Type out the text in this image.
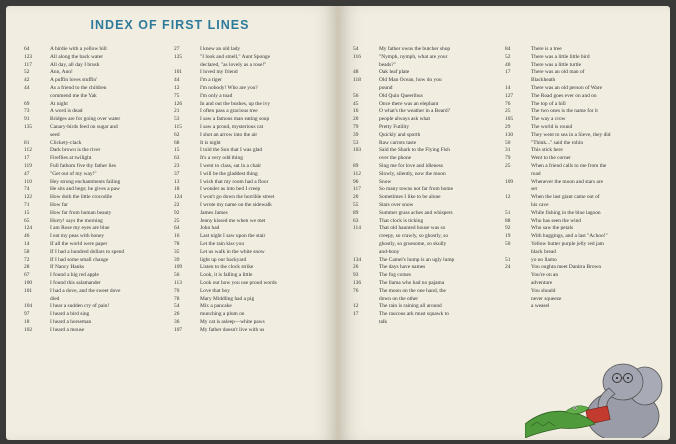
INDEX OF FIRST LINES
64	A birdie with a yellow bill
123	All along the back water
117	All day, all day I brush
52	Ann, Ann!
42	A puffin loves stuffin'
44	As a friend to the children
commend me the Yak
69	At night
73	A word is dead
91	Bridges are for going over water
135	Canary-birds feed on sugar and
seed
81	Clickety-clack
112	Dark brown is the river
17	Fireflies at twilight
119	Full fathom five thy father lies
47	"Get out of my way!"
110	Hey strong enchantments failing
74	He sits and begs; he gives a paw
122	How doth the little crocodile
71	How far
15	How far from human beauty
65	Hurry! says the morning
124	I am Rose my eyes are blue
46	I eat my peas with honey
14	If all the world were paper
58	If I had a hundred dollars to spend
72	If I had some small change
28	If Nancy Hanks
67	I found a big red apple
100	I found this salamander
101	I had a dove, and the sweet dove
died
104	I hear a sudden cry of pain!
97	I heard a bird sing
18	I heard a horseman
102	I heard a mouse
27	I knew an old lady
125	"I look and smell," Aunt Sponge
declared, "as lovely as a rose!"
101	I loved my friend
44	I'm a tiger
12	I'm nobody! Who are you?
75	I'm only a toad
126	In and out the bushes, up the ivy
21	I often pass a gracious tree
53	I saw a famous man eating soup
115	I saw a proud, mysterious cat
62	I shot an arrow into the air
68	It is night
15	I told the Sun that I was glad
63	It's a very odd thing
23	I went to class, sat in a chair
37	I will be the gladdest thing
13	I wish that my room had a floor
18	I wonder as into bed I creep
124	I won't go down the horrible street
22	I wrote my name on the sidewalk
92	James James
25	Jenny kissed me when we met
64	John had
16	Last night I saw upon the stair
78	Let the rain kiss you
35	Let us walk in the white snow
39	light up our backyard
109	Listen to the clock strike
56	Look, it is falling a little
113	Look out how you use proud words
70	Love that boy
78	Mary Middling had a pig
54	Mix a pancake
26	munching a plum on
36	My cat is asleep—white paws
107	My father doesn't live with us
54	My father owns the butcher shop
116	"Nymph, nymph, what are your
beads?"
48	Oak leaf plate
118	Old Man Ocean, how do you
pound
56	Old Quin Queeribus
45	Once there was an elephant
16	O what's the weather in a Beard?
20	people always ask what
79	Pretty Futility
39	Quickly and sporth
53	Raw carrots taste
103	Said the Shark to the Flying Fish
over the phone
89	Sing me for love and idleness
112	Slowly, silently, now the moon
96	Snow
117	So many towns not far from home
20	Sometimes I like to be alone
55	Stars over snow
89	Summer grass aches and whispers
63	That clock is ticking
114	That old haunted house was so
creepy, so crawly, so ghostly, so
ghostly, so gruesome, so skully
and-bony
134	The Camel's hump is an ugly lump
26	The days have names
93	The fog comes
136	The llama who had no pajama
76	The moon on the one hand, the
down on the other
12	The rain is raining all around
17	The raucous ark must squawk to
talk
84	There is a tree
52	There was a little little bird
40	There was a little turtle
17	There was an old man of
Blackheath
14	There was an old person of Ware
127	The Road goes ever on and on
76	The top of a hill
25	The two ones is the name for it
105	The way a crow
29	The world is round
130	They went to sea in a Sieve, they did
50	"Think..." said the robin
31	This stick here
79	Went to the corner
25	When a friend calls to me from the
road
109	Whenever the moon and stars are
set
12	When the last giant came out of
his cave
51	While fishing in the blue lagoon
88	Who has seen the wind
92	Who saw the petals
19	With huggings, and a last "Achoo!"
50	Yellow butter purple jelly red jam
black bread
51	yo no llamo
24	You oughta meet Danitra Brown
You're on an
adventure
You should
never squeeze
a weasel
